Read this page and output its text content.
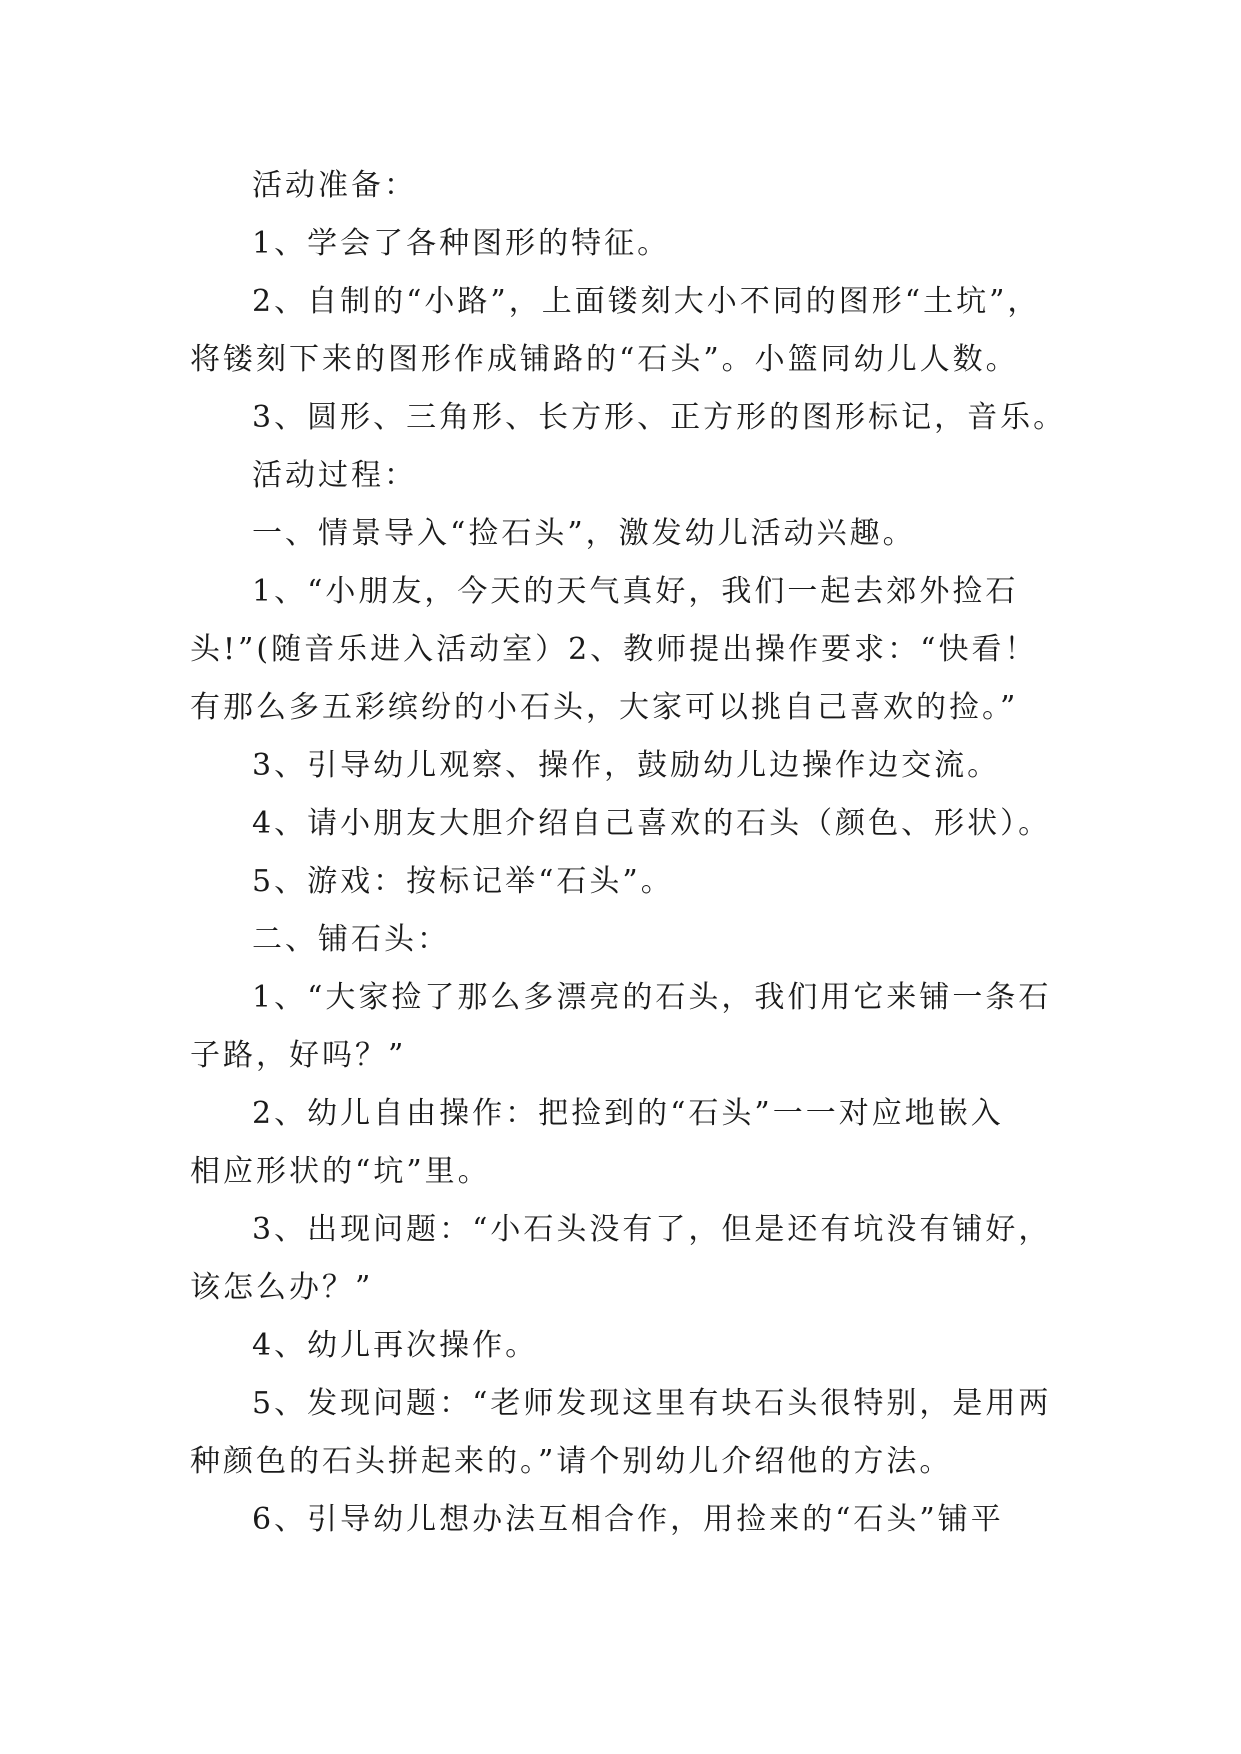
活动准备：
1、学会了各种图形的特征。
2、自制的“小路”，上面镂刻大小不同的图形“土坑”，
将镂刻下来的图形作成铺路的“石头”。小篮同幼儿人数。
3、圆形、三角形、长方形、正方形的图形标记，音乐。
活动过程：
一、情景导入“捡石头”，激发幼儿活动兴趣。
1、“小朋友，今天的天气真好，我们一起去郊外捡石
头!”(随音乐进入活动室）2、教师提出操作要求：“快看！
有那么多五彩缤纷的小石头，大家可以挑自己喜欢的捡。”
3、引导幼儿观察、操作，鼓励幼儿边操作边交流。
4、请小朋友大胆介绍自己喜欢的石头（颜色、形状）。
5、游戏：按标记举“石头”。
二、铺石头：
1、“大家捡了那么多漂亮的石头，我们用它来铺一条石
子路，好吗？”
2、幼儿自由操作：把捡到的“石头”一一对应地嵌入
相应形状的“坑”里。
3、出现问题：“小石头没有了，但是还有坑没有铺好，
该怎么办？”
4、幼儿再次操作。
5、发现问题：“老师发现这里有块石头很特别，是用两
种颜色的石头拼起来的。”请个别幼儿介绍他的方法。
6、引导幼儿想办法互相合作，用捡来的“石头”铺平
